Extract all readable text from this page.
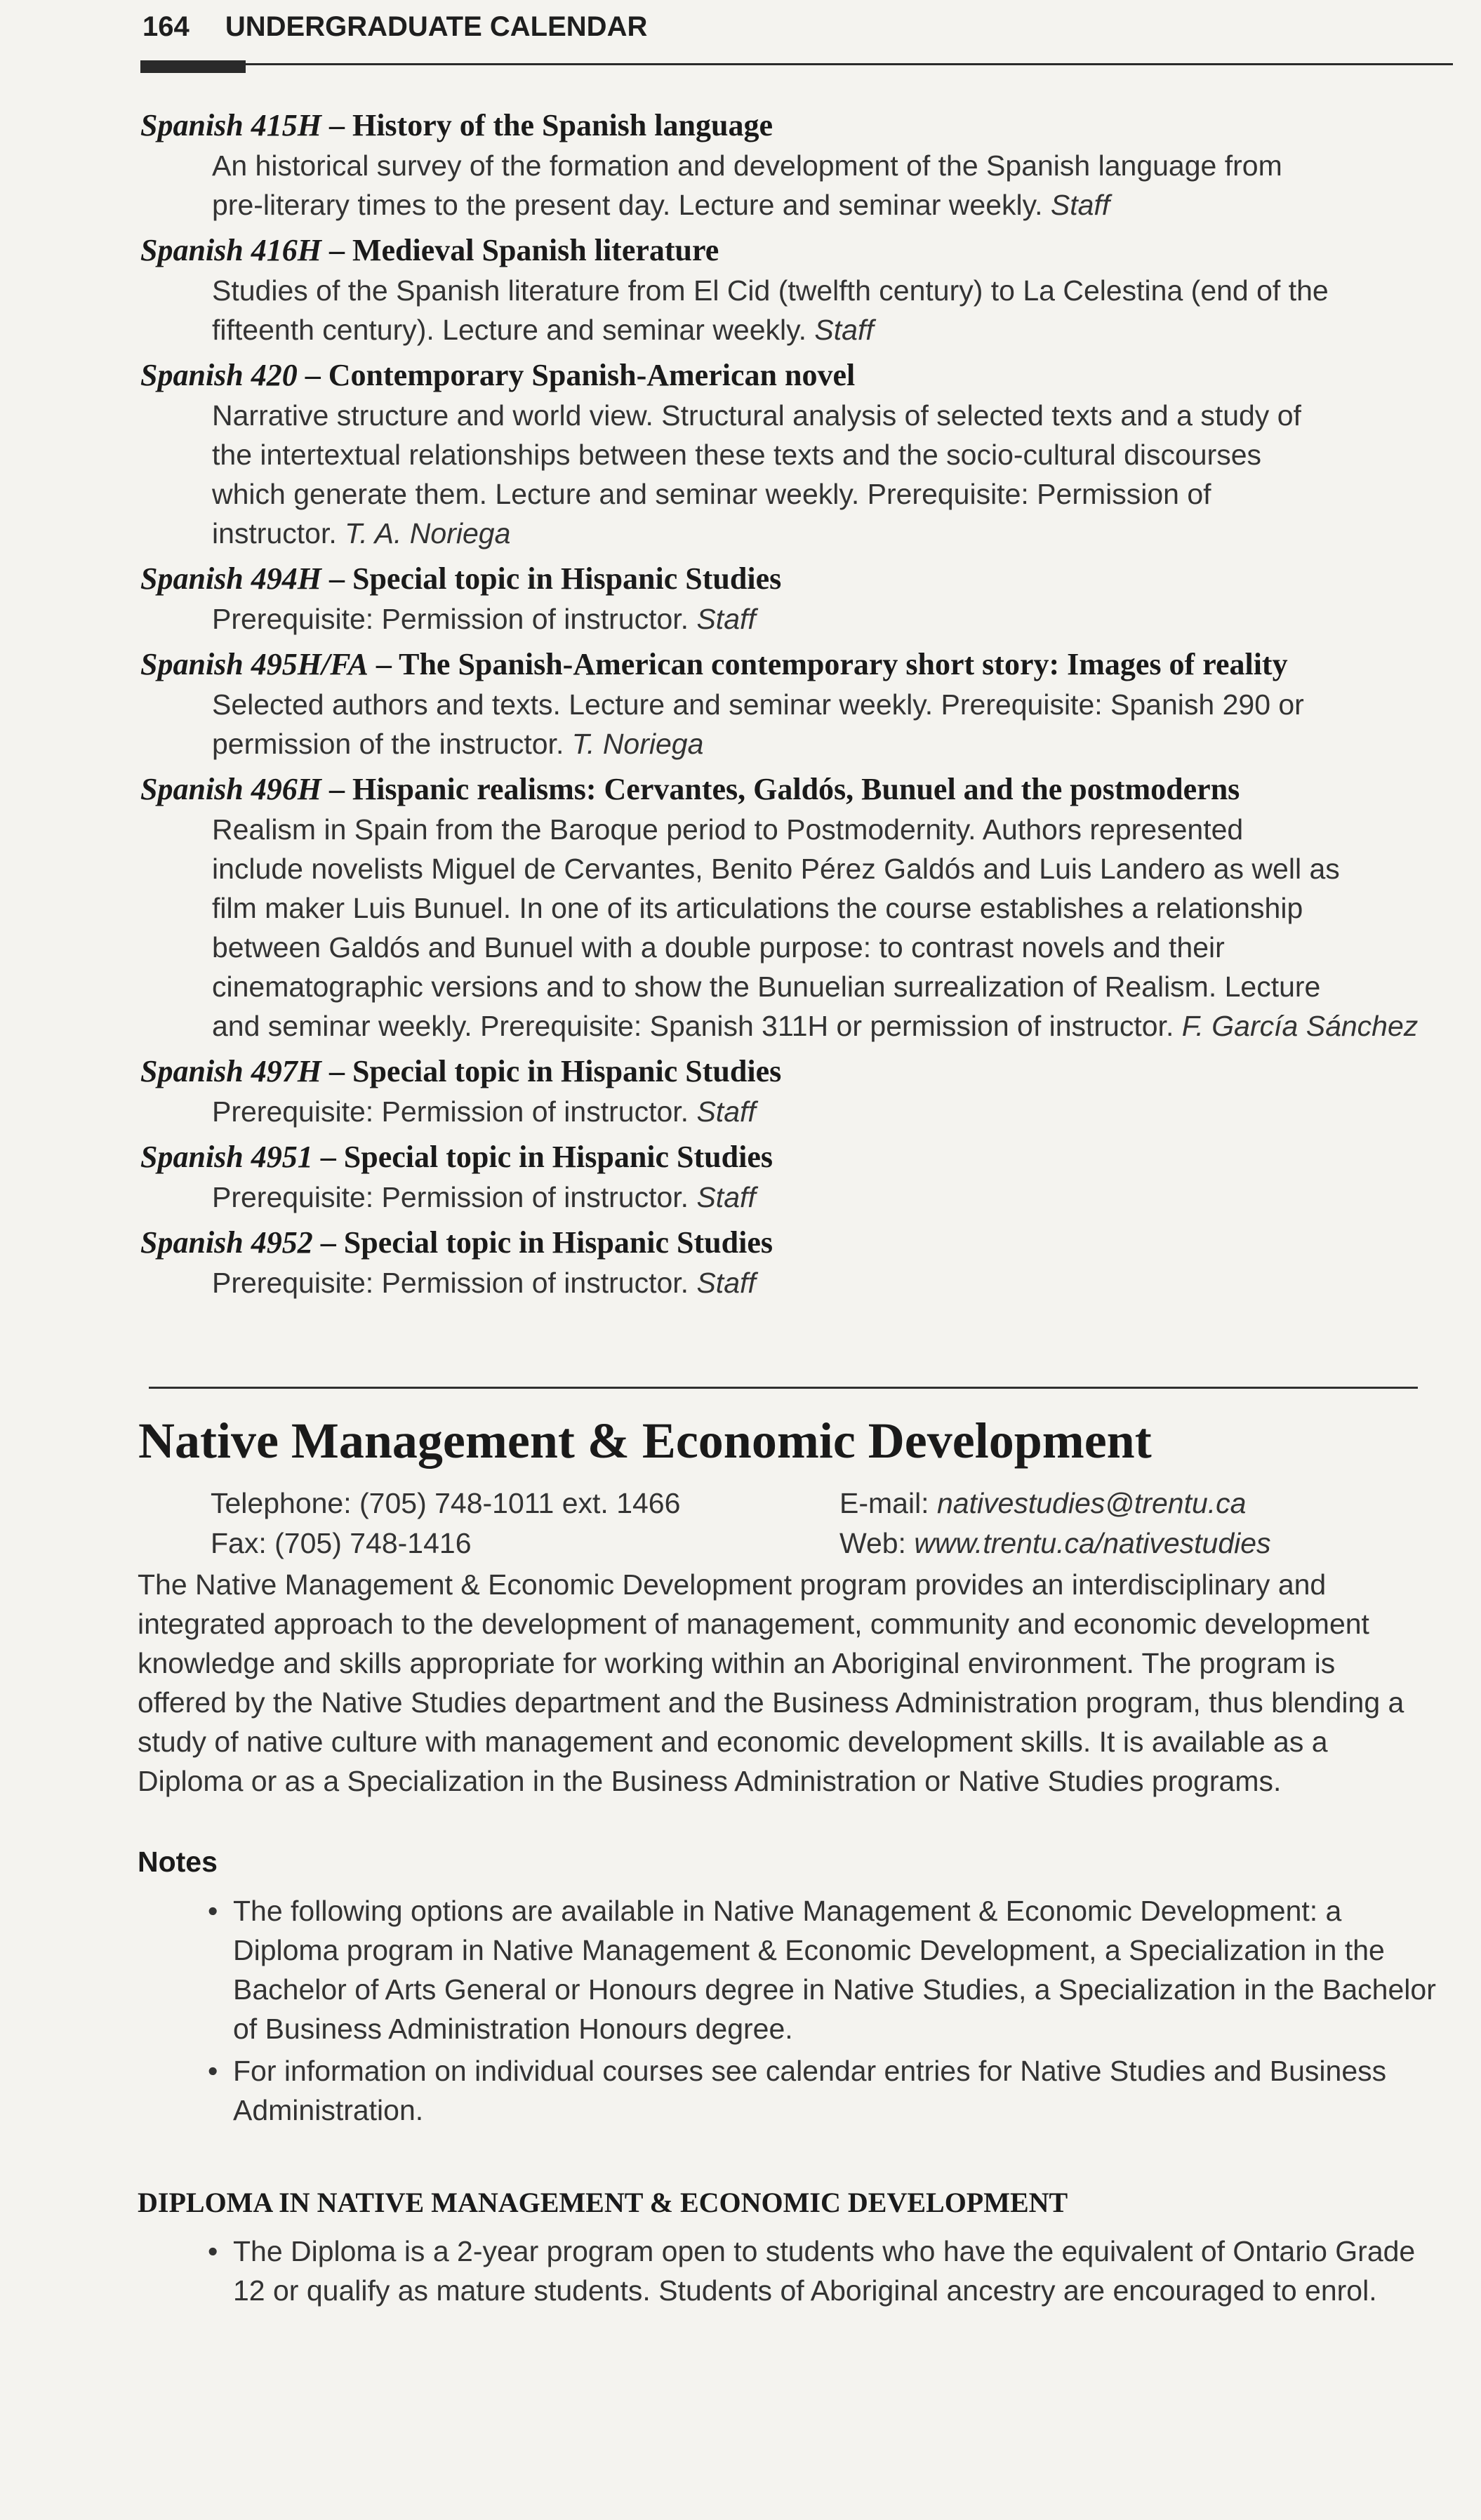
164 UNDERGRADUATE CALENDAR
Spanish 415H – History of the Spanish language
An historical survey of the formation and development of the Spanish language from
pre-literary times to the present day. Lecture and seminar weekly. Staff
Spanish 416H – Medieval Spanish literature
Studies of the Spanish literature from El Cid (twelfth century) to La Celestina (end of the
fifteenth century). Lecture and seminar weekly. Staff
Spanish 420 – Contemporary Spanish-American novel
Narrative structure and world view. Structural analysis of selected texts and a study of
the intertextual relationships between these texts and the socio-cultural discourses
which generate them. Lecture and seminar weekly. Prerequisite: Permission of
instructor. T. A. Noriega
Spanish 494H – Special topic in Hispanic Studies
Prerequisite: Permission of instructor. Staff
Spanish 495H/FA – The Spanish-American contemporary short story: Images of reality
Selected authors and texts. Lecture and seminar weekly. Prerequisite: Spanish 290 or
permission of the instructor. T. Noriega
Spanish 496H – Hispanic realisms: Cervantes, Galdós, Bunuel and the postmoderns
Realism in Spain from the Baroque period to Postmodernity. Authors represented
include novelists Miguel de Cervantes, Benito Pérez Galdós and Luis Landero as well as
film maker Luis Bunuel. In one of its articulations the course establishes a relationship
between Galdós and Bunuel with a double purpose: to contrast novels and their
cinematographic versions and to show the Bunuelian surrealization of Realism. Lecture
and seminar weekly. Prerequisite: Spanish 311H or permission of instructor. F. García Sánchez
Spanish 497H – Special topic in Hispanic Studies
Prerequisite: Permission of instructor. Staff
Spanish 4951 – Special topic in Hispanic Studies
Prerequisite: Permission of instructor. Staff
Spanish 4952 – Special topic in Hispanic Studies
Prerequisite: Permission of instructor. Staff
Native Management & Economic Development
Telephone: (705) 748-1011 ext. 1466
Fax: (705) 748-1416
E-mail: nativestudies@trentu.ca
Web: www.trentu.ca/nativestudies
The Native Management & Economic Development program provides an interdisciplinary and integrated approach to the development of management, community and economic development knowledge and skills appropriate for working within an Aboriginal environment. The program is offered by the Native Studies department and the Business Administration program, thus blending a study of native culture with management and economic development skills. It is available as a Diploma or as a Specialization in the Business Administration or Native Studies programs.
Notes
• The following options are available in Native Management & Economic Development: a Diploma program in Native Management & Economic Development, a Specialization in the Bachelor of Arts General or Honours degree in Native Studies, a Specialization in the Bachelor of Business Administration Honours degree.
• For information on individual courses see calendar entries for Native Studies and Business Administration.
DIPLOMA IN NATIVE MANAGEMENT & ECONOMIC DEVELOPMENT
• The Diploma is a 2-year program open to students who have the equivalent of Ontario Grade 12 or qualify as mature students. Students of Aboriginal ancestry are encouraged to enrol.
